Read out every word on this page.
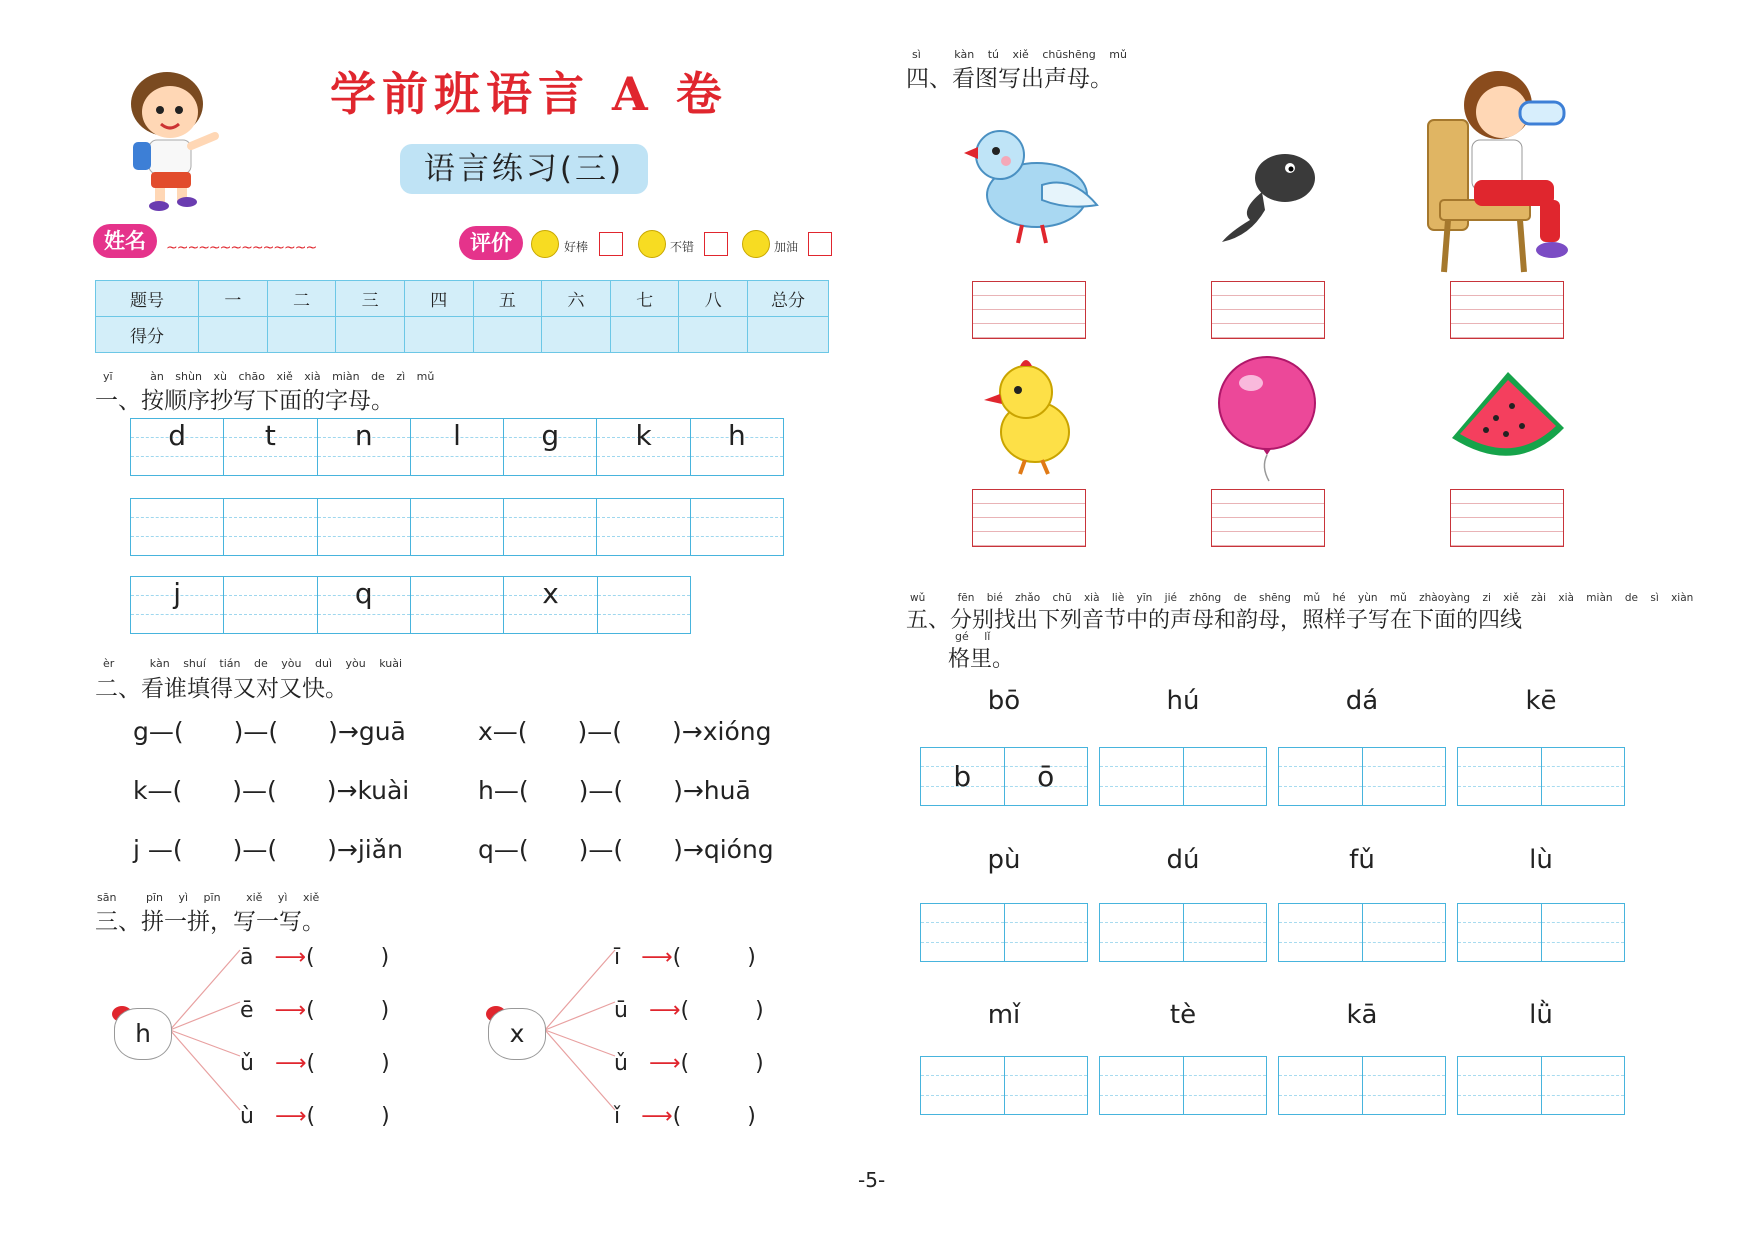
学前班语言 A 卷
语言练习(三)
姓名	~~~~~~~~~~~~~~	评价	好棒	不错	加油
题号	一	二	三	四	五	六	七	八	总分
得分									
yī	àn shùn xù chāo xiě xià miàn de zì mǔ
一、按顺序抄写下面的字母。
d	t	n	l	g	k	h
j	q	x
èr	kàn shuí tián de yòu duì yòu kuài
二、看谁填得又对又快。
g—(　　)—(　　)→guā	x—(　　)—(　　)→xióng
k—(　　)—(　　)→kuài	h—(　　)—(　　)→huā
j —(　　)—(　　)→jiǎn	q—(　　)—(　　)→qióng
sān	pīn yì pīn xiě yì xiě
三、拼一拼，写一写。
h
ā ⟶(　　　)
ē ⟶(　　　)
ǔ ⟶(　　　)
ù ⟶(　　　)
x
ī ⟶(　　　)
ū ⟶(　　　)
ǔ ⟶(　　　)
ǐ ⟶(　　　)
sì	kàn tú xiě chūshēng mǔ
四、看图写出声母。
wǔ	fēn bié zhǎo chū xià liè yīn jié zhōng de shēng mǔ hé yùn mǔ zhàoyàng zi xiě zài xià miàn de sì xiàn
五、分别找出下列音节中的声母和韵母，照样子写在下面的四线
gé lǐ
格里。
bō	hú	dá	kē
b	ō
pù	dú	fǔ	lù
mǐ	tè	kā	lǜ
-5-
